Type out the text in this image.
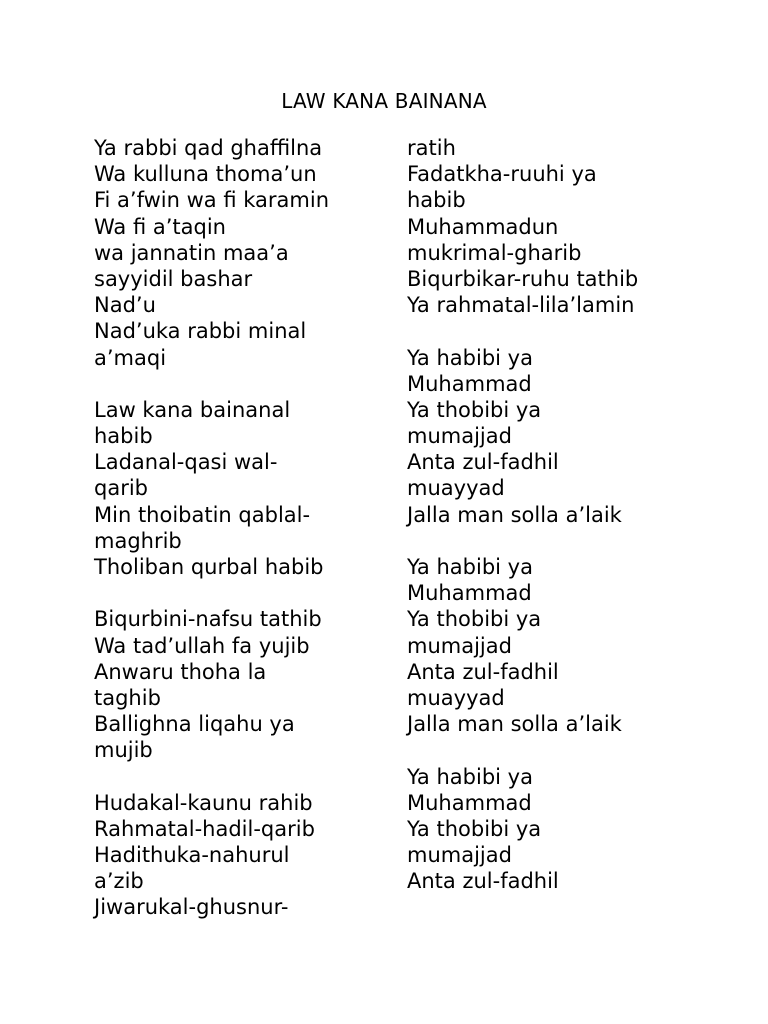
LAW KANA BAINANA
Ya rabbi qad ghaffilna
Wa kulluna thoma’un
Fi a’fwin wa fi karamin
Wa fi a’taqin
wa jannatin maa’a
sayyidil bashar
Nad’u
Nad’uka rabbi minal
a’maqi
Law kana bainanal
habib
Ladanal-qasi wal-
qarib
Min thoibatin qablal-
maghrib
Tholiban qurbal habib
Biqurbini-nafsu tathib
Wa tad’ullah fa yujib
Anwaru thoha la
taghib
Ballighna liqahu ya
mujib
Hudakal-kaunu rahib
Rahmatal-hadil-qarib
Hadithuka-nahurul
a’zib
Jiwarukal-ghusnur-
ratih
Fadatkha-ruuhi ya
habib
Muhammadun
mukrimal-gharib
Biqurbikar-ruhu tathib
Ya rahmatal-lila’lamin
Ya habibi ya
Muhammad
Ya thobibi ya
mumajjad
Anta zul-fadhil
muayyad
Jalla man solla a’laik
Ya habibi ya
Muhammad
Ya thobibi ya
mumajjad
Anta zul-fadhil
muayyad
Jalla man solla a’laik
Ya habibi ya
Muhammad
Ya thobibi ya
mumajjad
Anta zul-fadhil
